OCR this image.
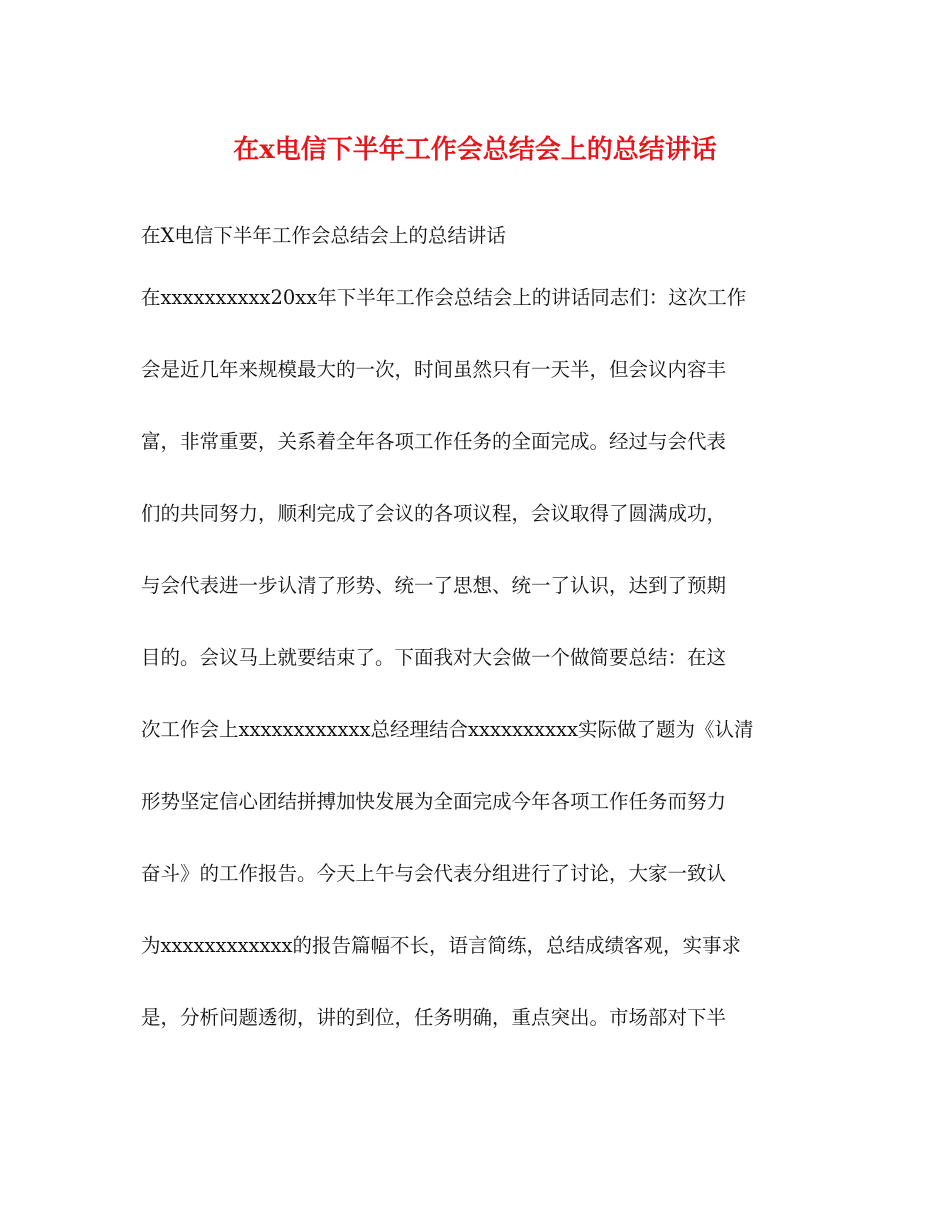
在x电信下半年工作会总结会上的总结讲话

在X电信下半年工作会总结会上的总结讲话

在xxxxxxxxxx20xx年下半年工作会总结会上的讲话同志们：这次工作

会是近几年来规模最大的一次，时间虽然只有一天半，但会议内容丰

富，非常重要，关系着全年各项工作任务的全面完成。经过与会代表

们的共同努力，顺利完成了会议的各项议程，会议取得了圆满成功，

与会代表进一步认清了形势、统一了思想、统一了认识，达到了预期

目的。会议马上就要结束了。下面我对大会做一个做简要总结：在这

次工作会上xxxxxxxxxxxx总经理结合xxxxxxxxxx实际做了题为《认清

形势坚定信心团结拼搏加快发展为全面完成今年各项工作任务而努力

奋斗》的工作报告。今天上午与会代表分组进行了讨论，大家一致认

为xxxxxxxxxxxx的报告篇幅不长，语言简练，总结成绩客观，实事求

是，分析问题透彻，讲的到位，任务明确，重点突出。市场部对下半
